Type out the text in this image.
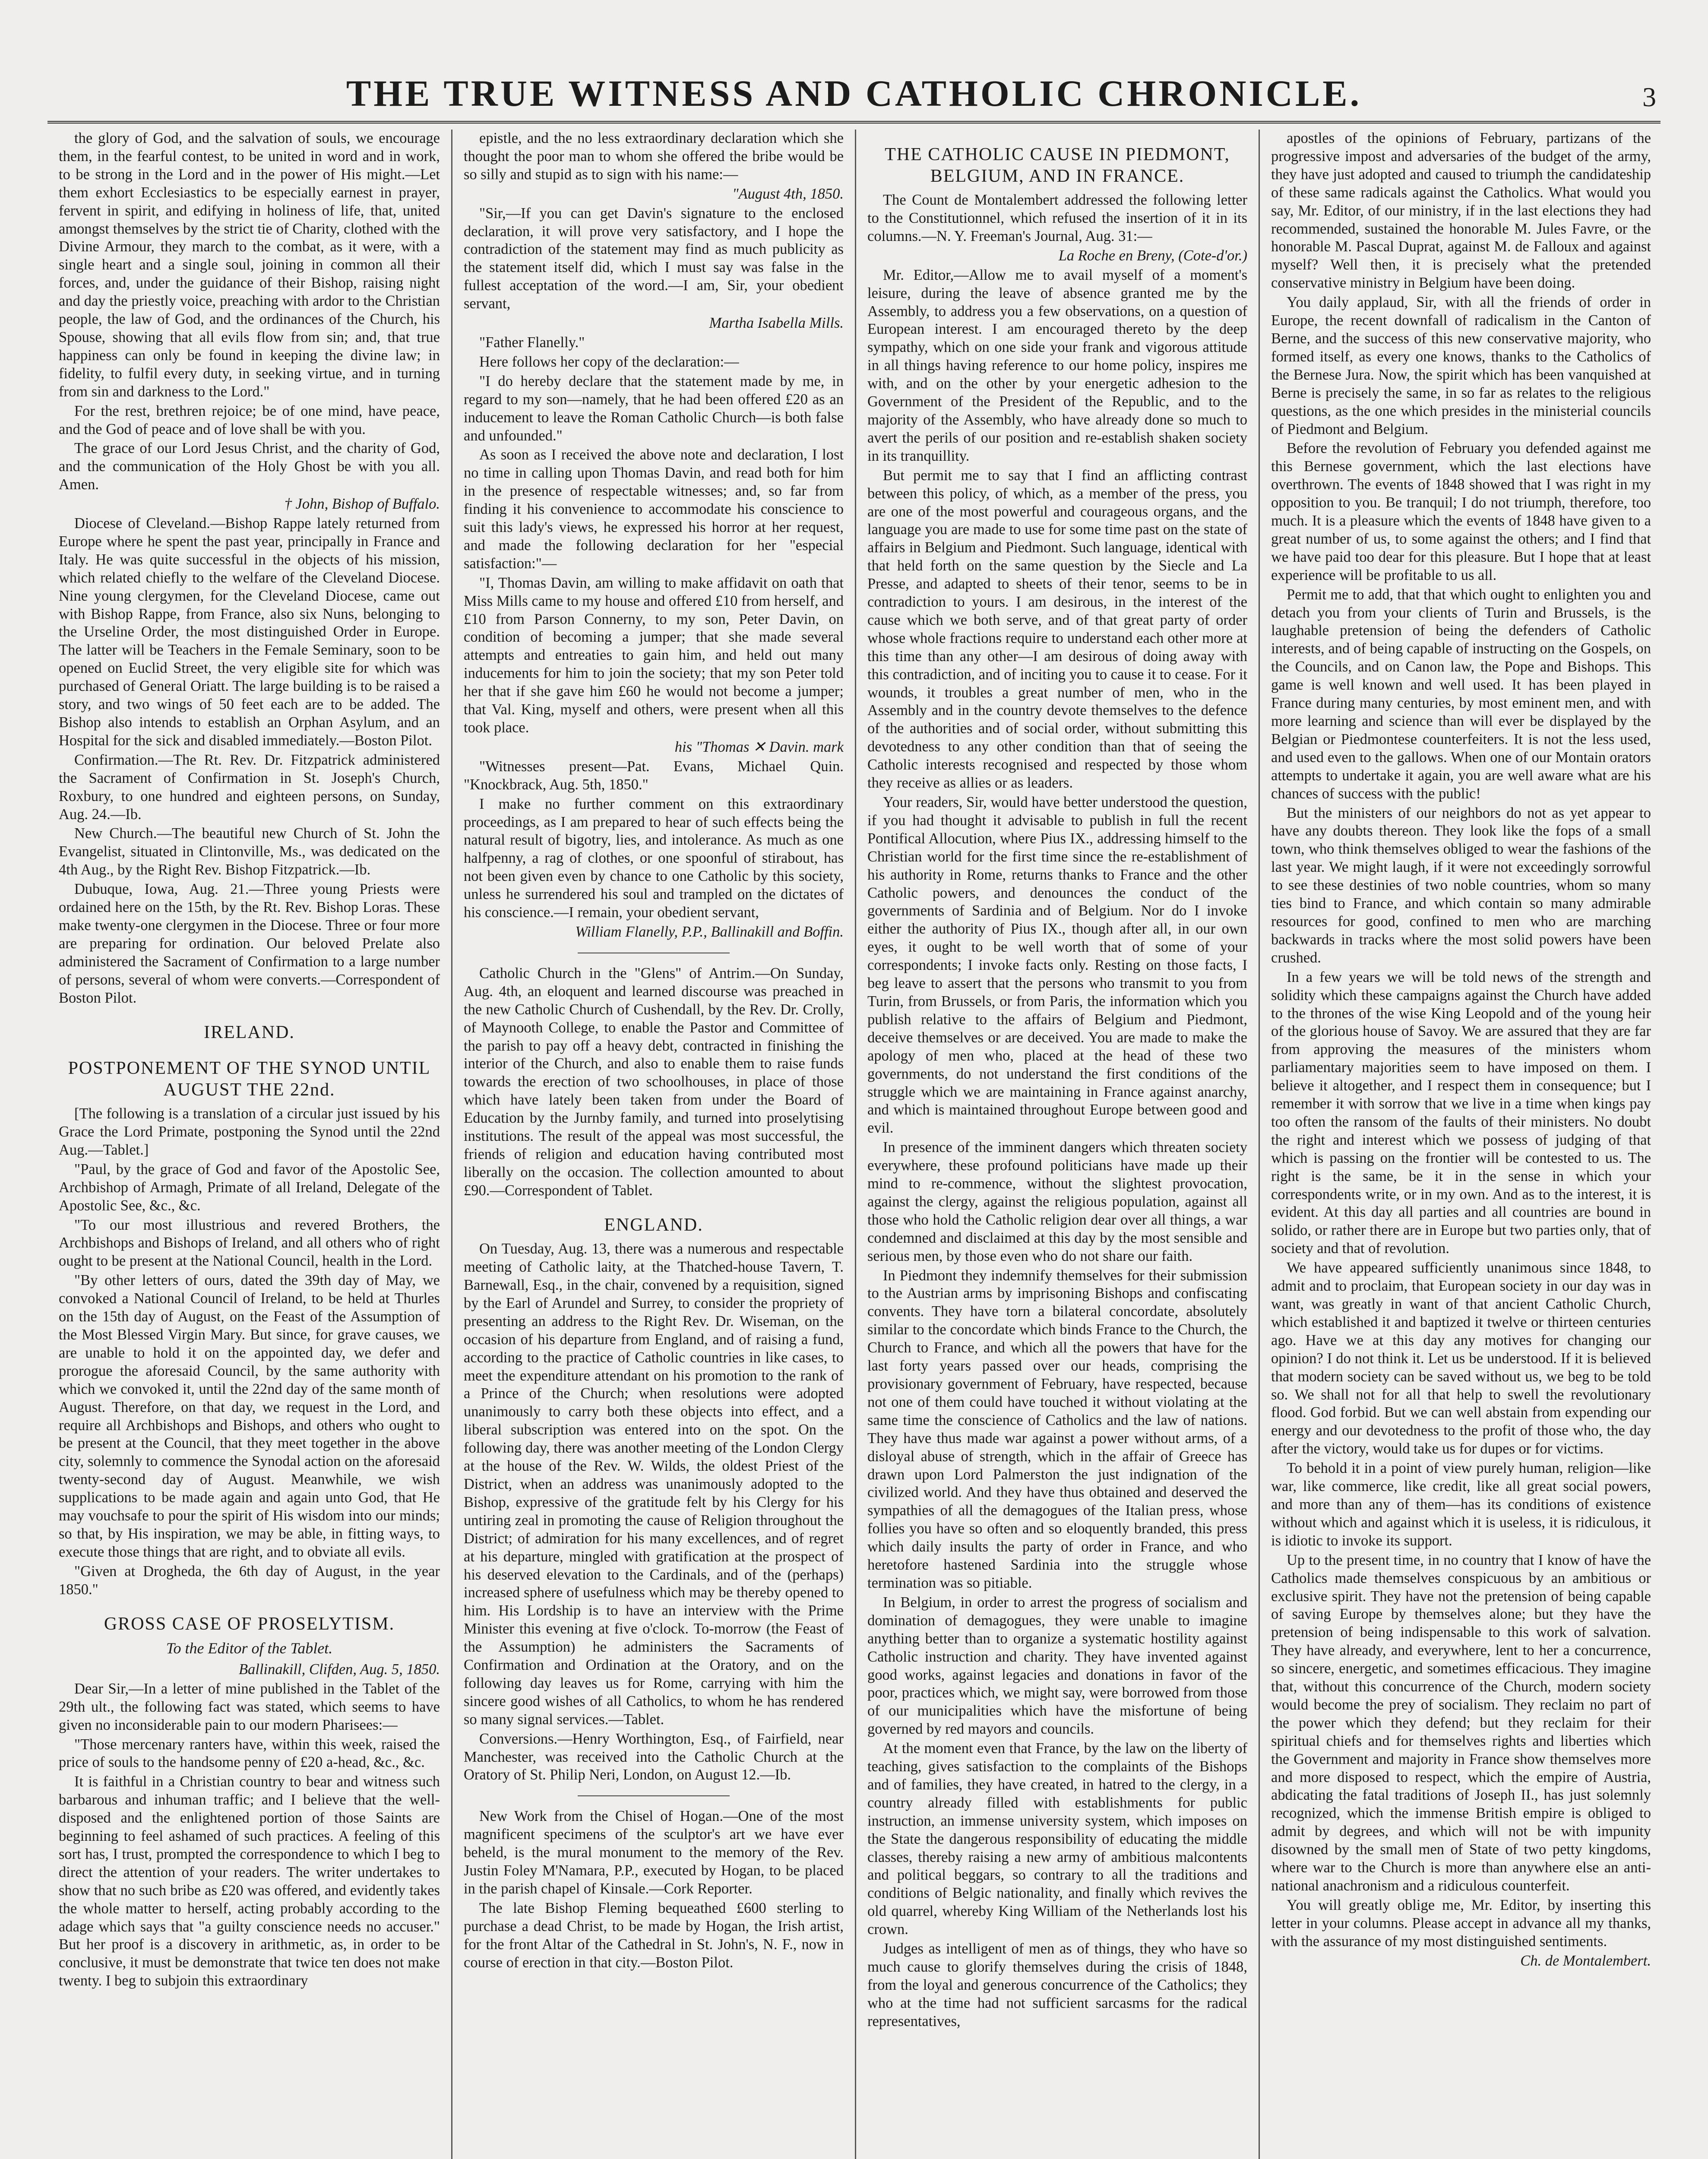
THE TRUE WITNESS AND CATHOLIC CHRONICLE.	3

the glory of God, and the salvation of souls, we encourage them, in the fearful contest, to be united in word and in work, to be strong in the Lord and in the power of His might.—Let them exhort Ecclesiastics to be especially earnest in prayer, fervent in spirit, and edifying in holiness of life, that, united amongst themselves by the strict tie of Charity, clothed with the Divine Armour, they march to the combat, as it were, with a single heart and a single soul, joining in common all their forces, and, under the guidance of their Bishop, raising night and day the priestly voice, preaching with ardor to the Christian people, the law of God, and the ordinances of the Church, his Spouse, showing that all evils flow from sin; and, that true happiness can only be found in keeping the divine law; in fidelity, to fulfil every duty, in seeking virtue, and in turning from sin and darkness to the Lord."

For the rest, brethren rejoice; be of one mind, have peace, and the God of peace and of love shall be with you.

The grace of our Lord Jesus Christ, and the charity of God, and the communication of the Holy Ghost be with you all. Amen.

† John, Bishop of Buffalo.

Diocese of Cleveland.—Bishop Rappe lately returned from Europe where he spent the past year, principally in France and Italy. He was quite successful in the objects of his mission, which related chiefly to the welfare of the Cleveland Diocese. Nine young clergymen, for the Cleveland Diocese, came out with Bishop Rappe, from France, also six Nuns, belonging to the Urseline Order, the most distinguished Order in Europe. The latter will be Teachers in the Female Seminary, soon to be opened on Euclid Street, the very eligible site for which was purchased of General Oriatt. The large building is to be raised a story, and two wings of 50 feet each are to be added. The Bishop also intends to establish an Orphan Asylum, and an Hospital for the sick and disabled immediately.—Boston Pilot.

Confirmation.—The Rt. Rev. Dr. Fitzpatrick administered the Sacrament of Confirmation in St. Joseph's Church, Roxbury, to one hundred and eighteen persons, on Sunday, Aug. 24.—Ib.

New Church.—The beautiful new Church of St. John the Evangelist, situated in Clintonville, Ms., was dedicated on the 4th Aug., by the Right Rev. Bishop Fitzpatrick.—Ib.

Dubuque, Iowa, Aug. 21.—Three young Priests were ordained here on the 15th, by the Rt. Rev. Bishop Loras. These make twenty-one clergymen in the Diocese. Three or four more are preparing for ordination. Our beloved Prelate also administered the Sacrament of Confirmation to a large number of persons, several of whom were converts.—Correspondent of Boston Pilot.

IRELAND.
POSTPONEMENT OF THE SYNOD UNTIL AUGUST THE 22nd.

[The following is a translation of a circular just issued by his Grace the Lord Primate, postponing the Synod until the 22nd Aug.—Tablet.]

"Paul, by the grace of God and favor of the Apostolic See, Archbishop of Armagh, Primate of all Ireland, Delegate of the Apostolic See, &c., &c.

"To our most illustrious and revered Brothers, the Archbishops and Bishops of Ireland, and all others who of right ought to be present at the National Council, health in the Lord.

"By other letters of ours, dated the 39th day of May, we convoked a National Council of Ireland, to be held at Thurles on the 15th day of August, on the Feast of the Assumption of the Most Blessed Virgin Mary. But since, for grave causes, we are unable to hold it on the appointed day, we defer and prorogue the aforesaid Council, by the same authority with which we convoked it, until the 22nd day of the same month of August. Therefore, on that day, we request in the Lord, and require all Archbishops and Bishops, and others who ought to be present at the Council, that they meet together in the above city, solemnly to commence the Synodal action on the aforesaid twenty-second day of August. Meanwhile, we wish supplications to be made again and again unto God, that He may vouchsafe to pour the spirit of His wisdom into our minds; so that, by His inspiration, we may be able, in fitting ways, to execute those things that are right, and to obviate all evils.

"Given at Drogheda, the 6th day of August, in the year 1850."

GROSS CASE OF PROSELYTISM.
To the Editor of the Tablet.

Ballinakill, Clifden, Aug. 5, 1850.

Dear Sir,—In a letter of mine published in the Tablet of the 29th ult., the following fact was stated, which seems to have given no inconsiderable pain to our modern Pharisees:—

"Those mercenary ranters have, within this week, raised the price of souls to the handsome penny of £20 a-head, &c., &c.

It is faithful in a Christian country to bear and witness such barbarous and inhuman traffic; and I believe that the well-disposed and the enlightened portion of those Saints are beginning to feel ashamed of such practices. A feeling of this sort has, I trust, prompted the correspondence to which I beg to direct the attention of your readers. The writer undertakes to show that no such bribe as £20 was offered, and evidently takes the whole matter to herself, acting probably according to the adage which says that "a guilty conscience needs no accuser." But her proof is a discovery in arithmetic, as, in order to be conclusive, it must be demonstrate that twice ten does not make twenty. I beg to subjoin this extraordinary

epistle, and the no less extraordinary declaration which she thought the poor man to whom she offered the bribe would be so silly and stupid as to sign with his name:—

"August 4th, 1850.

"Sir,—If you can get Davin's signature to the enclosed declaration, it will prove very satisfactory, and I hope the contradiction of the statement may find as much publicity as the statement itself did, which I must say was false in the fullest acceptation of the word.—I am, Sir, your obedient servant,

Martha Isabella Mills.

"Father Flanelly."

Here follows her copy of the declaration:—

"I do hereby declare that the statement made by me, in regard to my son—namely, that he had been offered £20 as an inducement to leave the Roman Catholic Church—is both false and unfounded."

As soon as I received the above note and declaration, I lost no time in calling upon Thomas Davin, and read both for him in the presence of respectable witnesses; and, so far from finding it his convenience to accommodate his conscience to suit this lady's views, he expressed his horror at her request, and made the following declaration for her "especial satisfaction:"—

"I, Thomas Davin, am willing to make affidavit on oath that Miss Mills came to my house and offered £10 from herself, and £10 from Parson Connerny, to my son, Peter Davin, on condition of becoming a jumper; that she made several attempts and entreaties to gain him, and held out many inducements for him to join the society; that my son Peter told her that if she gave him £60 he would not become a jumper; that Val. King, myself and others, were present when all this took place.

his "Thomas ✕ Davin. mark

"Witnesses present—Pat. Evans, Michael Quin. "Knockbrack, Aug. 5th, 1850."

I make no further comment on this extraordinary proceedings, as I am prepared to hear of such effects being the natural result of bigotry, lies, and intolerance. As much as one halfpenny, a rag of clothes, or one spoonful of stirabout, has not been given even by chance to one Catholic by this society, unless he surrendered his soul and trampled on the dictates of his conscience.—I remain, your obedient servant,

William Flanelly, P.P., Ballinakill and Boffin.

Catholic Church in the "Glens" of Antrim.—On Sunday, Aug. 4th, an eloquent and learned discourse was preached in the new Catholic Church of Cushendall, by the Rev. Dr. Crolly, of Maynooth College, to enable the Pastor and Committee of the parish to pay off a heavy debt, contracted in finishing the interior of the Church, and also to enable them to raise funds towards the erection of two schoolhouses, in place of those which have lately been taken from under the Board of Education by the Jurnby family, and turned into proselytising institutions. The result of the appeal was most successful, the friends of religion and education having contributed most liberally on the occasion. The collection amounted to about £90.—Correspondent of Tablet.

ENGLAND.

On Tuesday, Aug. 13, there was a numerous and respectable meeting of Catholic laity, at the Thatched-house Tavern, T. Barnewall, Esq., in the chair, convened by a requisition, signed by the Earl of Arundel and Surrey, to consider the propriety of presenting an address to the Right Rev. Dr. Wiseman, on the occasion of his departure from England, and of raising a fund, according to the practice of Catholic countries in like cases, to meet the expenditure attendant on his promotion to the rank of a Prince of the Church; when resolutions were adopted unanimously to carry both these objects into effect, and a liberal subscription was entered into on the spot. On the following day, there was another meeting of the London Clergy at the house of the Rev. W. Wilds, the oldest Priest of the District, when an address was unanimously adopted to the Bishop, expressive of the gratitude felt by his Clergy for his untiring zeal in promoting the cause of Religion throughout the District; of admiration for his many excellences, and of regret at his departure, mingled with gratification at the prospect of his deserved elevation to the Cardinals, and of the (perhaps) increased sphere of usefulness which may be thereby opened to him. His Lordship is to have an interview with the Prime Minister this evening at five o'clock. To-morrow (the Feast of the Assumption) he administers the Sacraments of Confirmation and Ordination at the Oratory, and on the following day leaves us for Rome, carrying with him the sincere good wishes of all Catholics, to whom he has rendered so many signal services.—Tablet.

Conversions.—Henry Worthington, Esq., of Fairfield, near Manchester, was received into the Catholic Church at the Oratory of St. Philip Neri, London, on August 12.—Ib.

New Work from the Chisel of Hogan.—One of the most magnificent specimens of the sculptor's art we have ever beheld, is the mural monument to the memory of the Rev. Justin Foley M'Namara, P.P., executed by Hogan, to be placed in the parish chapel of Kinsale.—Cork Reporter.

The late Bishop Fleming bequeathed £600 sterling to purchase a dead Christ, to be made by Hogan, the Irish artist, for the front Altar of the Cathedral in St. John's, N. F., now in course of erection in that city.—Boston Pilot.

THE CATHOLIC CAUSE IN PIEDMONT, BELGIUM, AND IN FRANCE.

The Count de Montalembert addressed the following letter to the Constitutionnel, which refused the insertion of it in its columns.—N. Y. Freeman's Journal, Aug. 31:—

La Roche en Breny, (Cote-d'or.)

Mr. Editor,—Allow me to avail myself of a moment's leisure, during the leave of absence granted me by the Assembly, to address you a few observations, on a question of European interest. I am encouraged thereto by the deep sympathy, which on one side your frank and vigorous attitude in all things having reference to our home policy, inspires me with, and on the other by your energetic adhesion to the Government of the President of the Republic, and to the majority of the Assembly, who have already done so much to avert the perils of our position and re-establish shaken society in its tranquillity.

But permit me to say that I find an afflicting contrast between this policy, of which, as a member of the press, you are one of the most powerful and courageous organs, and the language you are made to use for some time past on the state of affairs in Belgium and Piedmont. Such language, identical with that held forth on the same question by the Siecle and La Presse, and adapted to sheets of their tenor, seems to be in contradiction to yours. I am desirous, in the interest of the cause which we both serve, and of that great party of order whose whole fractions require to understand each other more at this time than any other—I am desirous of doing away with this contradiction, and of inciting you to cause it to cease. For it wounds, it troubles a great number of men, who in the Assembly and in the country devote themselves to the defence of the authorities and of social order, without submitting this devotedness to any other condition than that of seeing the Catholic interests recognised and respected by those whom they receive as allies or as leaders.

Your readers, Sir, would have better understood the question, if you had thought it advisable to publish in full the recent Pontifical Allocution, where Pius IX., addressing himself to the Christian world for the first time since the re-establishment of his authority in Rome, returns thanks to France and the other Catholic powers, and denounces the conduct of the governments of Sardinia and of Belgium. Nor do I invoke either the authority of Pius IX., though after all, in our own eyes, it ought to be well worth that of some of your correspondents; I invoke facts only. Resting on those facts, I beg leave to assert that the persons who transmit to you from Turin, from Brussels, or from Paris, the information which you publish relative to the affairs of Belgium and Piedmont, deceive themselves or are deceived. You are made to make the apology of men who, placed at the head of these two governments, do not understand the first conditions of the struggle which we are maintaining in France against anarchy, and which is maintained throughout Europe between good and evil.

In presence of the imminent dangers which threaten society everywhere, these profound politicians have made up their mind to re-commence, without the slightest provocation, against the clergy, against the religious population, against all those who hold the Catholic religion dear over all things, a war condemned and disclaimed at this day by the most sensible and serious men, by those even who do not share our faith.

In Piedmont they indemnify themselves for their submission to the Austrian arms by imprisoning Bishops and confiscating convents. They have torn a bilateral concordate, absolutely similar to the concordate which binds France to the Church, the Church to France, and which all the powers that have for the last forty years passed over our heads, comprising the provisionary government of February, have respected, because not one of them could have touched it without violating at the same time the conscience of Catholics and the law of nations. They have thus made war against a power without arms, of a disloyal abuse of strength, which in the affair of Greece has drawn upon Lord Palmerston the just indignation of the civilized world. And they have thus obtained and deserved the sympathies of all the demagogues of the Italian press, whose follies you have so often and so eloquently branded, this press which daily insults the party of order in France, and who heretofore hastened Sardinia into the struggle whose termination was so pitiable.

In Belgium, in order to arrest the progress of socialism and domination of demagogues, they were unable to imagine anything better than to organize a systematic hostility against Catholic instruction and charity. They have invented against good works, against legacies and donations in favor of the poor, practices which, we might say, were borrowed from those of our municipalities which have the misfortune of being governed by red mayors and councils.

At the moment even that France, by the law on the liberty of teaching, gives satisfaction to the complaints of the Bishops and of families, they have created, in hatred to the clergy, in a country already filled with establishments for public instruction, an immense university system, which imposes on the State the dangerous responsibility of educating the middle classes, thereby raising a new army of ambitious malcontents and political beggars, so contrary to all the traditions and conditions of Belgic nationality, and finally which revives the old quarrel, whereby King William of the Netherlands lost his crown.

Judges as intelligent of men as of things, they who have so much cause to glorify themselves during the crisis of 1848, from the loyal and generous concurrence of the Catholics; they who at the time had not sufficient sarcasms for the radical representatives,

apostles of the opinions of February, partizans of the progressive impost and adversaries of the budget of the army, they have just adopted and caused to triumph the candidateship of these same radicals against the Catholics. What would you say, Mr. Editor, of our ministry, if in the last elections they had recommended, sustained the honorable M. Jules Favre, or the honorable M. Pascal Duprat, against M. de Falloux and against myself? Well then, it is precisely what the pretended conservative ministry in Belgium have been doing.

You daily applaud, Sir, with all the friends of order in Europe, the recent downfall of radicalism in the Canton of Berne, and the success of this new conservative majority, who formed itself, as every one knows, thanks to the Catholics of the Bernese Jura. Now, the spirit which has been vanquished at Berne is precisely the same, in so far as relates to the religious questions, as the one which presides in the ministerial councils of Piedmont and Belgium.

Before the revolution of February you defended against me this Bernese government, which the last elections have overthrown. The events of 1848 showed that I was right in my opposition to you. Be tranquil; I do not triumph, therefore, too much. It is a pleasure which the events of 1848 have given to a great number of us, to some against the others; and I find that we have paid too dear for this pleasure. But I hope that at least experience will be profitable to us all.

Permit me to add, that that which ought to enlighten you and detach you from your clients of Turin and Brussels, is the laughable pretension of being the defenders of Catholic interests, and of being capable of instructing on the Gospels, on the Councils, and on Canon law, the Pope and Bishops. This game is well known and well used. It has been played in France during many centuries, by most eminent men, and with more learning and science than will ever be displayed by the Belgian or Piedmontese counterfeiters. It is not the less used, and used even to the gallows. When one of our Montain orators attempts to undertake it again, you are well aware what are his chances of success with the public!

But the ministers of our neighbors do not as yet appear to have any doubts thereon. They look like the fops of a small town, who think themselves obliged to wear the fashions of the last year. We might laugh, if it were not exceedingly sorrowful to see these destinies of two noble countries, whom so many ties bind to France, and which contain so many admirable resources for good, confined to men who are marching backwards in tracks where the most solid powers have been crushed.

In a few years we will be told news of the strength and solidity which these campaigns against the Church have added to the thrones of the wise King Leopold and of the young heir of the glorious house of Savoy. We are assured that they are far from approving the measures of the ministers whom parliamentary majorities seem to have imposed on them. I believe it altogether, and I respect them in consequence; but I remember it with sorrow that we live in a time when kings pay too often the ransom of the faults of their ministers. No doubt the right and interest which we possess of judging of that which is passing on the frontier will be contested to us. The right is the same, be it in the sense in which your correspondents write, or in my own. And as to the interest, it is evident. At this day all parties and all countries are bound in solido, or rather there are in Europe but two parties only, that of society and that of revolution.

We have appeared sufficiently unanimous since 1848, to admit and to proclaim, that European society in our day was in want, was greatly in want of that ancient Catholic Church, which established it and baptized it twelve or thirteen centuries ago. Have we at this day any motives for changing our opinion? I do not think it. Let us be understood. If it is believed that modern society can be saved without us, we beg to be told so. We shall not for all that help to swell the revolutionary flood. God forbid. But we can well abstain from expending our energy and our devotedness to the profit of those who, the day after the victory, would take us for dupes or for victims.

To behold it in a point of view purely human, religion—like war, like commerce, like credit, like all great social powers, and more than any of them—has its conditions of existence without which and against which it is useless, it is ridiculous, it is idiotic to invoke its support.

Up to the present time, in no country that I know of have the Catholics made themselves conspicuous by an ambitious or exclusive spirit. They have not the pretension of being capable of saving Europe by themselves alone; but they have the pretension of being indispensable to this work of salvation. They have already, and everywhere, lent to her a concurrence, so sincere, energetic, and sometimes efficacious. They imagine that, without this concurrence of the Church, modern society would become the prey of socialism. They reclaim no part of the power which they defend; but they reclaim for their spiritual chiefs and for themselves rights and liberties which the Government and majority in France show themselves more and more disposed to respect, which the empire of Austria, abdicating the fatal traditions of Joseph II., has just solemnly recognized, which the immense British empire is obliged to admit by degrees, and which will not be with impunity disowned by the small men of State of two petty kingdoms, where war to the Church is more than anywhere else an anti-national anachronism and a ridiculous counterfeit.

You will greatly oblige me, Mr. Editor, by inserting this letter in your columns. Please accept in advance all my thanks, with the assurance of my most distinguished sentiments.

Ch. de Montalembert.
